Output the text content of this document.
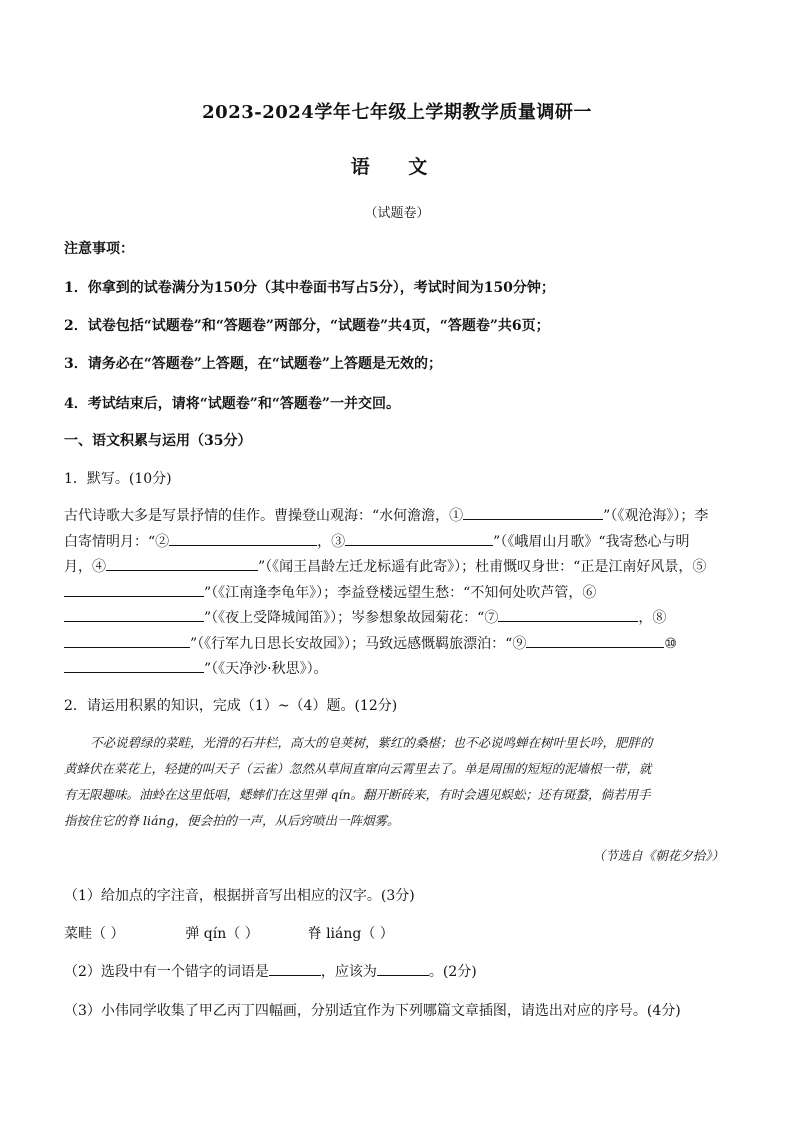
2023-2024学年七年级上学期教学质量调研一
语 文
（试题卷）
注意事项：
1．你拿到的试卷满分为150分（其中卷面书写占5分），考试时间为150分钟；
2．试卷包括“试题卷”和“答题卷”两部分，“试题卷”共4页，“答题卷”共6页；
3．请务必在“答题卷”上答题，在“试题卷”上答题是无效的；
4．考试结束后，请将“试题卷”和“答题卷”一并交回。
一、语文积累与运用（35分）
1．默写。(10分)
古代诗歌大多是写景抒情的佳作。曹操登山观海：“水何澹澹，①	”（《观沧海》）；李
白寄情明月：“②	，③	”（《峨眉山月歌》“我寄愁心与明
月，④	”（《闻王昌龄左迁龙标遥有此寄》）；杜甫慨叹身世：“正是江南好风景，⑤
”（《江南逢李龟年》）；李益登楼远望生愁：“不知何处吹芦管，⑥
”（《夜上受降城闻笛》）；岑参想象故园菊花：“⑦	，⑧
”（《行军九日思长安故园》）；马致远感慨羁旅漂泊：“⑨	⑩
”（《天净沙·秋思》）。
2．请运用积累的知识，完成（1）~（4）题。(12分)
不必说碧绿的菜畦，光滑的石井栏，高大的皂荚树，紫红的桑椹；也不必说鸣蝉在树叶里长吟，肥胖的
黄蜂伏在菜花上，轻捷的叫天子（云雀）忽然从草间直窜向云霄里去了。单是周围的短短的泥墙根一带，就
有无限趣味。油蛉在这里低唱，蟋蟀们在这里弹 qín。翻开断砖来，有时会遇见蜈蚣；还有斑蝥，倘若用手
指按住它的脊 liáng，便会拍的一声，从后窍喷出一阵烟雾。
（节选自《朝花夕拾》）
（1）给加点的字注音，根据拼音写出相应的汉字。(3分)
菜畦（ ）	弹 qín（ ）	脊 liáng（ ）
（2）选段中有一个错字的词语是	，应该为	。(2分)
（3）小伟同学收集了甲乙丙丁四幅画，分别适宜作为下列哪篇文章插图，请选出对应的序号。(4分)
